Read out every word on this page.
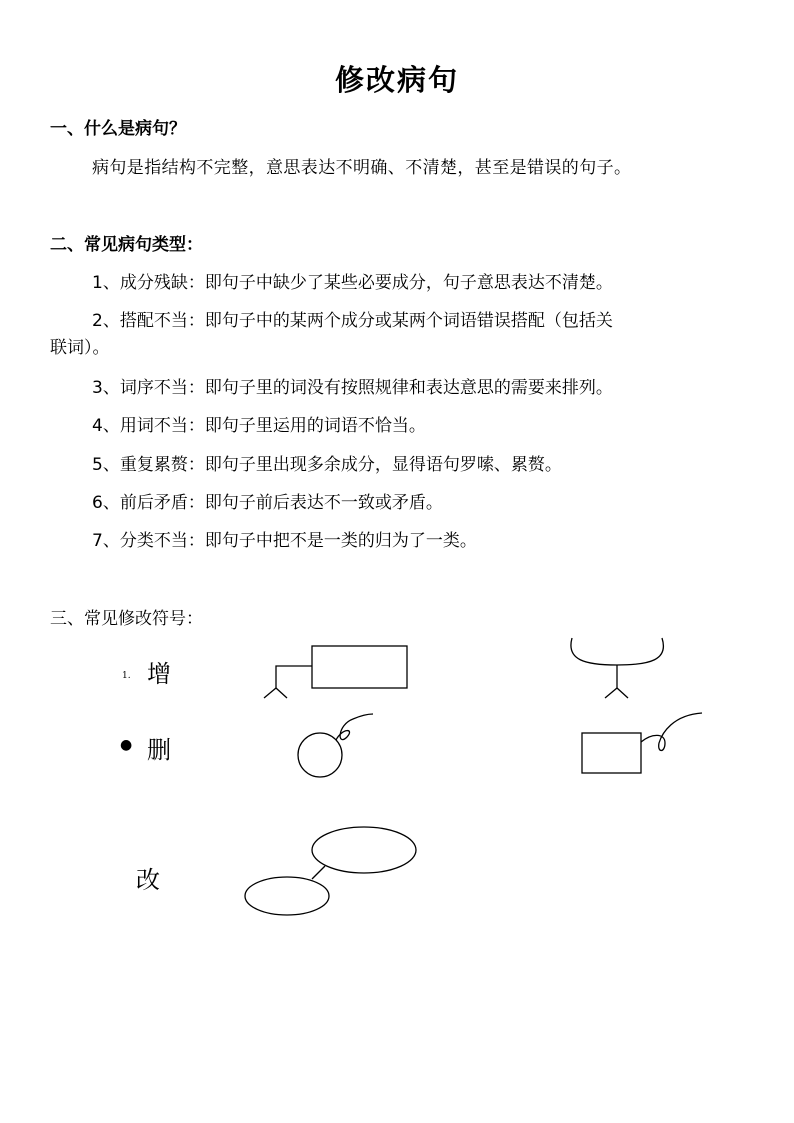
修改病句
一、什么是病句？
病句是指结构不完整，意思表达不明确、不清楚，甚至是错误的句子。
二、常见病句类型：
1、成分残缺：即句子中缺少了某些必要成分，句子意思表达不清楚。
2、搭配不当：即句子中的某两个成分或某两个词语错误搭配（包括关
联词）。
3、词序不当：即句子里的词没有按照规律和表达意思的需要来排列。
4、用词不当：即句子里运用的词语不恰当。
5、重复累赘：即句子里出现多余成分，显得语句罗嗦、累赘。
6、前后矛盾：即句子前后表达不一致或矛盾。
7、分类不当：即句子中把不是一类的归为了一类。
三、常见修改符号：
1. 增
● 删
改
